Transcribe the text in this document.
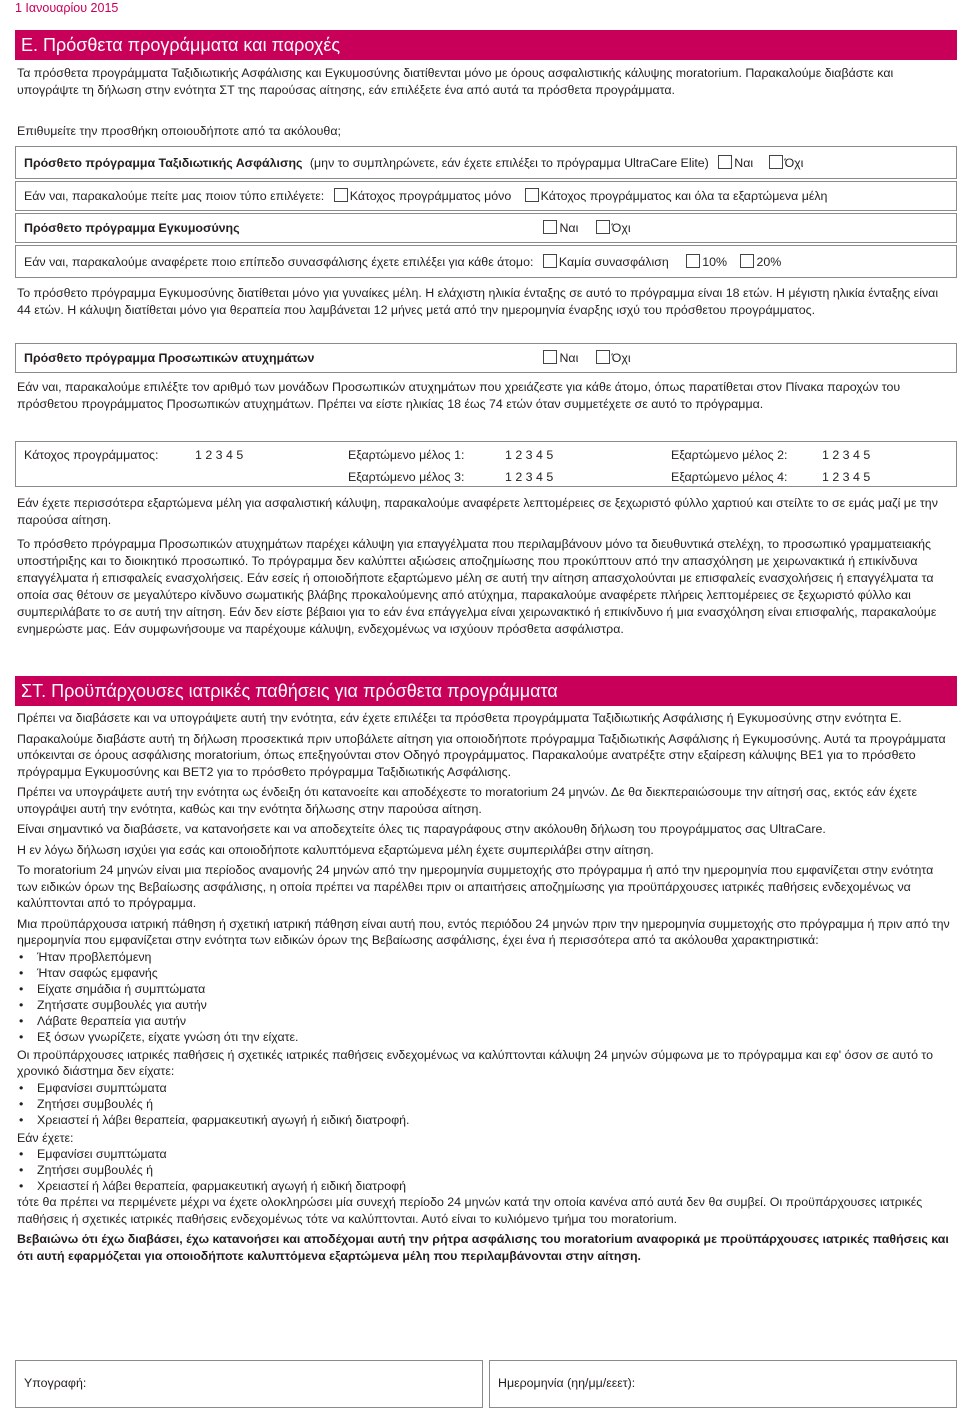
1 Ιανουαρίου 2015
E. Πρόσθετα προγράμματα και παροχές
Τα πρόσθετα προγράμματα Ταξιδιωτικής Ασφάλισης και Εγκυμοσύνης διατίθενται μόνο με όρους ασφαλιστικής κάλυψης moratorium. Παρακαλούμε διαβάστε και υπογράψτε τη δήλωση στην ενότητα ΣΤ της παρούσας αίτησης, εάν επιλέξετε ένα από αυτά τα πρόσθετα προγράμματα.
Επιθυμείτε την προσθήκη οποιουδήποτε από τα ακόλουθα;
Πρόσθετο πρόγραμμα Ταξιδιωτικής Ασφάλισης (μην το συμπληρώνετε, εάν έχετε επιλέξει το πρόγραμμα UltraCare Elite) Ναι	Όχι
Εάν ναι, παρακαλούμε πείτε μας ποιον τύπο επιλέγετε: Κάτοχος προγράμματος μόνο Κάτοχος προγράμματος και όλα τα εξαρτώμενα μέλη
Πρόσθετο πρόγραμμα Εγκυμοσύνης	Ναι	Όχι
Εάν ναι, παρακαλούμε αναφέρετε ποιο επίπεδο συνασφάλισης έχετε επιλέξει για κάθε άτομο: Καμία συνασφάλιση	10% 20%
Το πρόσθετο πρόγραμμα Εγκυμοσύνης διατίθεται μόνο για γυναίκες μέλη. Η ελάχιστη ηλικία ένταξης σε αυτό το πρόγραμμα είναι 18 ετών. Η μέγιστη ηλικία ένταξης είναι 44 ετών. Η κάλυψη διατίθεται μόνο για θεραπεία που λαμβάνεται 12 μήνες μετά από την ημερομηνία έναρξης ισχύ του πρόσθετου προγράμματος.
Πρόσθετο πρόγραμμα Προσωπικών ατυχημάτων	Ναι	Όχι
Εάν ναι, παρακαλούμε επιλέξτε τον αριθμό των μονάδων Προσωπικών ατυχημάτων που χρειάζεστε για κάθε άτομο, όπως παρατίθεται στον Πίνακα παροχών του πρόσθετου προγράμματος Προσωπικών ατυχημάτων. Πρέπει να είστε ηλικίας 18 έως 74 ετών όταν συμμετέχετε σε αυτό το πρόγραμμα.
Κάτοχος προγράμματος:	1 2 3 4 5	Εξαρτώμενο μέλος 1:	1 2 3 4 5	Εξαρτώμενο μέλος 2:	1 2 3 4 5
Εξαρτώμενο μέλος 3:	1 2 3 4 5	Εξαρτώμενο μέλος 4:	1 2 3 4 5
Εάν έχετε περισσότερα εξαρτώμενα μέλη για ασφαλιστική κάλυψη, παρακαλούμε αναφέρετε λεπτομέρειες σε ξεχωριστό φύλλο χαρτιού και στείλτε το σε εμάς μαζί με την παρούσα αίτηση.
Το πρόσθετο πρόγραμμα Προσωπικών ατυχημάτων παρέχει κάλυψη για επαγγέλματα που περιλαμβάνουν μόνο τα διευθυντικά στελέχη, το προσωπικό γραμματειακής υποστήριξης και το διοικητικό προσωπικό. Το πρόγραμμα δεν καλύπτει αξιώσεις αποζημίωσης που προκύπτουν από την απασχόληση με χειρωνακτικά ή επικίνδυνα επαγγέλματα ή επισφαλείς ενασχολήσεις. Εάν εσείς ή οποιοδήποτε εξαρτώμενο μέλη σε αυτή την αίτηση απασχολούνται με επισφαλείς ενασχολήσεις ή επαγγέλματα τα οποία σας θέτουν σε μεγαλύτερο κίνδυνο σωματικής βλάβης προκαλούμενης από ατύχημα, παρακαλούμε αναφέρετε πλήρεις λεπτομέρειες σε ξεχωριστό φύλλο και συμπεριλάβατε το σε αυτή την αίτηση. Εάν δεν είστε βέβαιοι για το εάν ένα επάγγελμα είναι χειρωνακτικό ή επικίνδυνο ή μια ενασχόληση είναι επισφαλής, παρακαλούμε ενημερώστε μας. Εάν συμφωνήσουμε να παρέχουμε κάλυψη, ενδεχομένως να ισχύουν πρόσθετα ασφάλιστρα.
ΣΤ. Προϋπάρχουσες ιατρικές παθήσεις για πρόσθετα προγράμματα

Πρέπει να διαβάσετε και να υπογράψετε αυτή την ενότητα, εάν έχετε επιλέξει τα πρόσθετα προγράμματα Ταξιδιωτικής Ασφάλισης ή Εγκυμοσύνης στην ενότητα Ε.

Παρακαλούμε διαβάστε αυτή τη δήλωση προσεκτικά πριν υποβάλετε αίτηση για οποιοδήποτε πρόγραμμα Ταξιδιωτικής Ασφάλισης ή Εγκυμοσύνης. Αυτά τα προγράμματα υπόκεινται σε όρους ασφάλισης moratorium, όπως επεξηγούνται στον Οδηγό προγράμματος. Παρακαλούμε ανατρέξτε στην εξαίρεση κάλυψης ΒΕ1 για το πρόσθετο πρόγραμμα Εγκυμοσύνης και ΒΕΤ2 για το πρόσθετο πρόγραμμα Ταξιδιωτικής Ασφάλισης.

Πρέπει να υπογράψετε αυτή την ενότητα ως ένδειξη ότι κατανοείτε και αποδέχεστε το moratorium 24 μηνών. Δε θα διεκπεραιώσουμε την αίτησή σας, εκτός εάν έχετε υπογράψει αυτή την ενότητα, καθώς και την ενότητα δήλωσης στην παρούσα αίτηση.

Είναι σημαντικό να διαβάσετε, να κατανοήσετε και να αποδεχτείτε όλες τις παραγράφους στην ακόλουθη δήλωση του προγράμματος σας UltraCare.

Η εν λόγω δήλωση ισχύει για εσάς και οποιοδήποτε καλυπτόμενα εξαρτώμενα μέλη έχετε συμπεριλάβει στην αίτηση.

Το moratorium 24 μηνών είναι μια περίοδος αναμονής 24 μηνών από την ημερομηνία συμμετοχής στο πρόγραμμα ή από την ημερομηνία που εμφανίζεται στην ενότητα των ειδικών όρων της Βεβαίωσης ασφάλισης, η οποία πρέπει να παρέλθει πριν οι απαιτήσεις αποζημίωσης για προϋπάρχουσες ιατρικές παθήσεις ενδεχομένως να καλύπτονται από το πρόγραμμα.

Μια προϋπάρχουσα ιατρική πάθηση ή σχετική ιατρική πάθηση είναι αυτή που, εντός περιόδου 24 μηνών πριν την ημερομηνία συμμετοχής στο πρόγραμμα ή πριν από την ημερομηνία που εμφανίζεται στην ενότητα των ειδικών όρων της Βεβαίωσης ασφάλισης, έχει ένα ή περισσότερα από τα ακόλουθα χαρακτηριστικά:

• Ήταν προβλεπόμενη
• Ήταν σαφώς εμφανής
• Είχατε σημάδια ή συμπτώματα
• Ζητήσατε συμβουλές για αυτήν
• Λάβατε θεραπεία για αυτήν
• Εξ όσων γνωρίζετε, είχατε γνώση ότι την είχατε.

Οι προϋπάρχουσες ιατρικές παθήσεις ή σχετικές ιατρικές παθήσεις ενδεχομένως να καλύπτονται κάλυψη 24 μηνών σύμφωνα με το πρόγραμμα και εφ' όσον σε αυτό το χρονικό διάστημα δεν είχατε:

• Εμφανίσει συμπτώματα
• Ζητήσει συμβουλές ή
• Χρειαστεί ή λάβει θεραπεία, φαρμακευτική αγωγή ή ειδική διατροφή.

Εάν έχετε:

• Εμφανίσει συμπτώματα
• Ζητήσει συμβουλές ή
• Χρειαστεί ή λάβει θεραπεία, φαρμακευτική αγωγή ή ειδική διατροφή

τότε θα πρέπει να περιμένετε μέχρι να έχετε ολοκληρώσει μία συνεχή περίοδο 24 μηνών κατά την οποία κανένα από αυτά δεν θα συμβεί. Οι προϋπάρχουσες ιατρικές παθήσεις ή σχετικές ιατρικές παθήσεις ενδεχομένως τότε να καλύπτονται. Αυτό είναι το κυλιόμενο τμήμα του moratorium.

Βεβαιώνω ότι έχω διαβάσει, έχω κατανοήσει και αποδέχομαι αυτή την ρήτρα ασφάλισης του moratorium αναφορικά με προϋπάρχουσες ιατρικές παθήσεις και ότι αυτή εφαρμόζεται για οποιοδήποτε καλυπτόμενα εξαρτώμενα μέλη που περιλαμβάνονται στην αίτηση.

Υπογραφή:	Ημερομηνία (ηη/μμ/εεετ):
